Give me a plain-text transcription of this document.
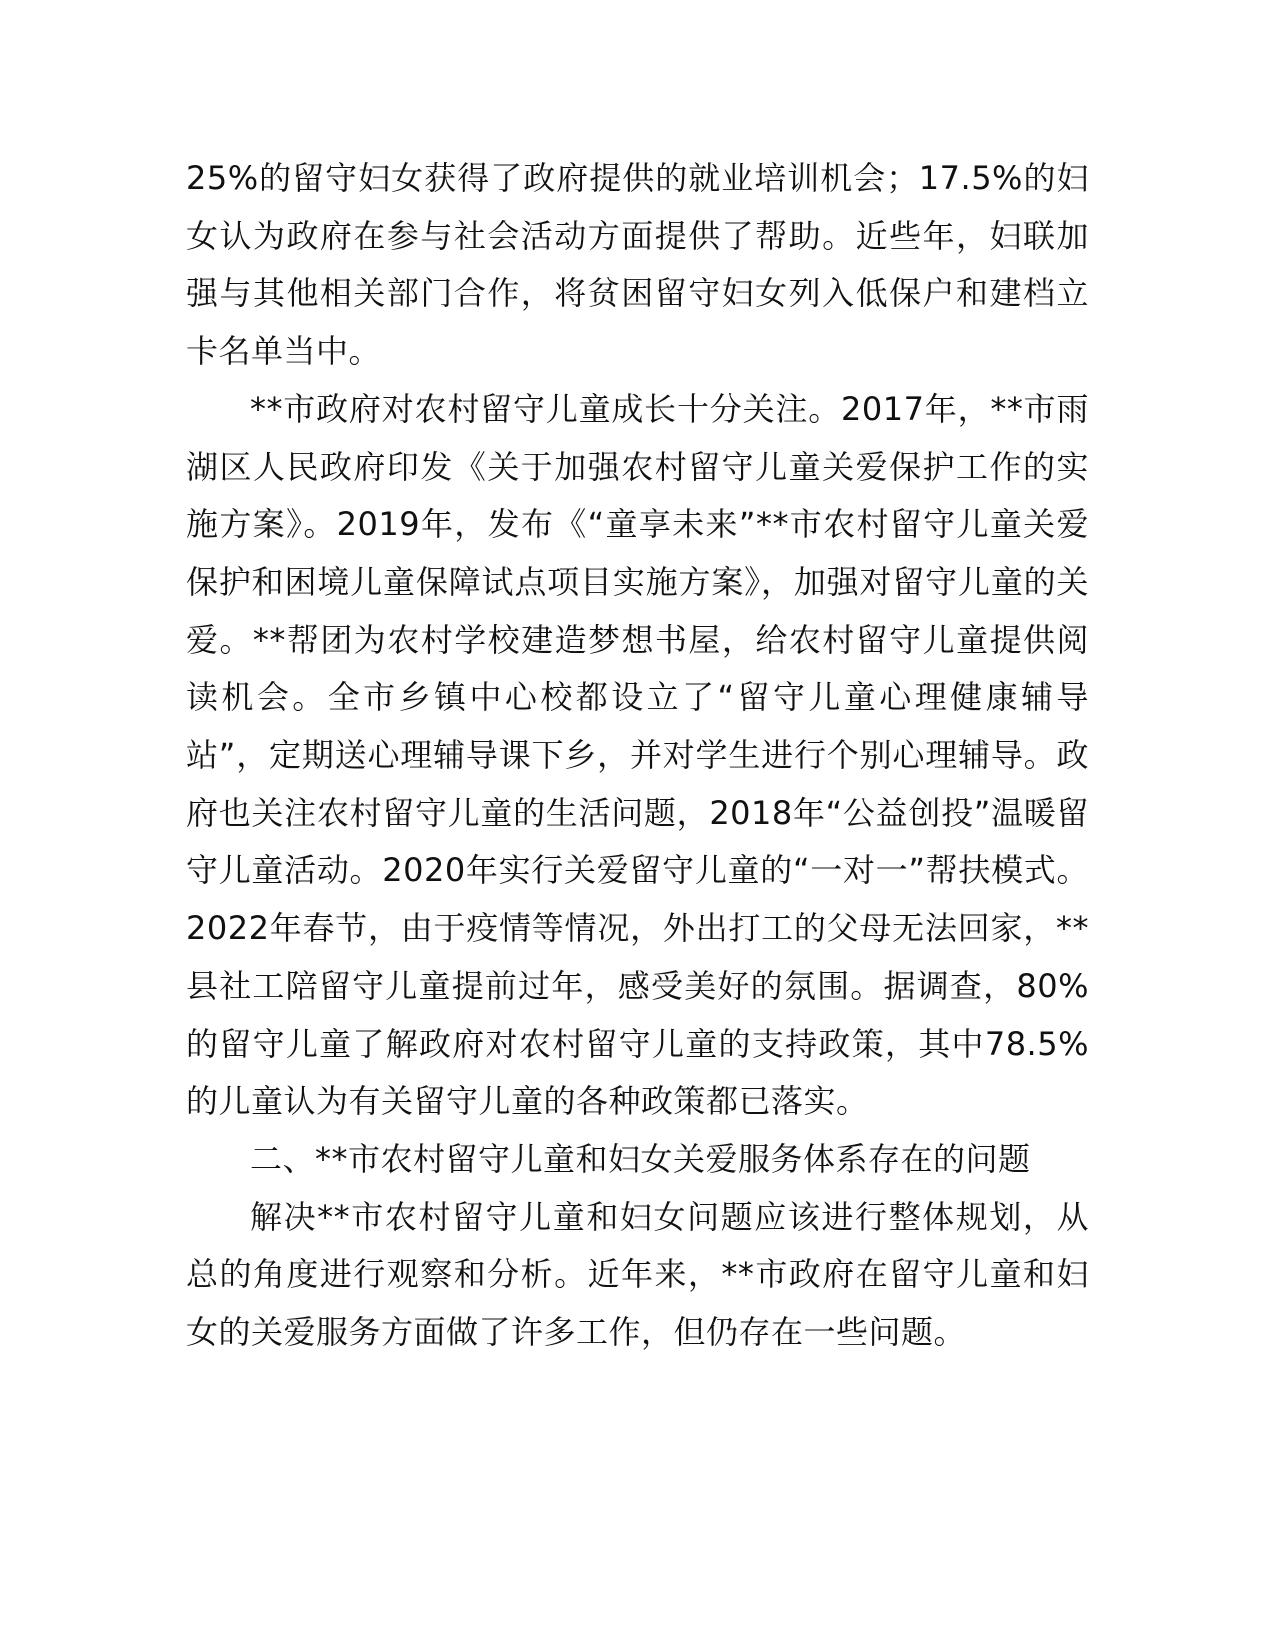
25%的留守妇女获得了政府提供的就业培训机会；17.5%的妇女认为政府在参与社会活动方面提供了帮助。近些年，妇联加强与其他相关部门合作，将贫困留守妇女列入低保户和建档立卡名单当中。

**市政府对农村留守儿童成长十分关注。2017年，**市雨湖区人民政府印发《关于加强农村留守儿童关爱保护工作的实施方案》。2019年，发布《“童享未来”**市农村留守儿童关爱保护和困境儿童保障试点项目实施方案》，加强对留守儿童的关爱。**帮团为农村学校建造梦想书屋，给农村留守儿童提供阅读机会。全市乡镇中心校都设立了“留守儿童心理健康辅导站”，定期送心理辅导课下乡，并对学生进行个别心理辅导。政府也关注农村留守儿童的生活问题，2018年“公益创投”温暖留守儿童活动。2020年实行关爱留守儿童的“一对一”帮扶模式。2022年春节，由于疫情等情况，外出打工的父母无法回家，**县社工陪留守儿童提前过年，感受美好的氛围。据调查，80%的留守儿童了解政府对农村留守儿童的支持政策，其中78.5%的儿童认为有关留守儿童的各种政策都已落实。

二、**市农村留守儿童和妇女关爱服务体系存在的问题

解决**市农村留守儿童和妇女问题应该进行整体规划，从总的角度进行观察和分析。近年来，**市政府在留守儿童和妇女的关爱服务方面做了许多工作，但仍存在一些问题。
